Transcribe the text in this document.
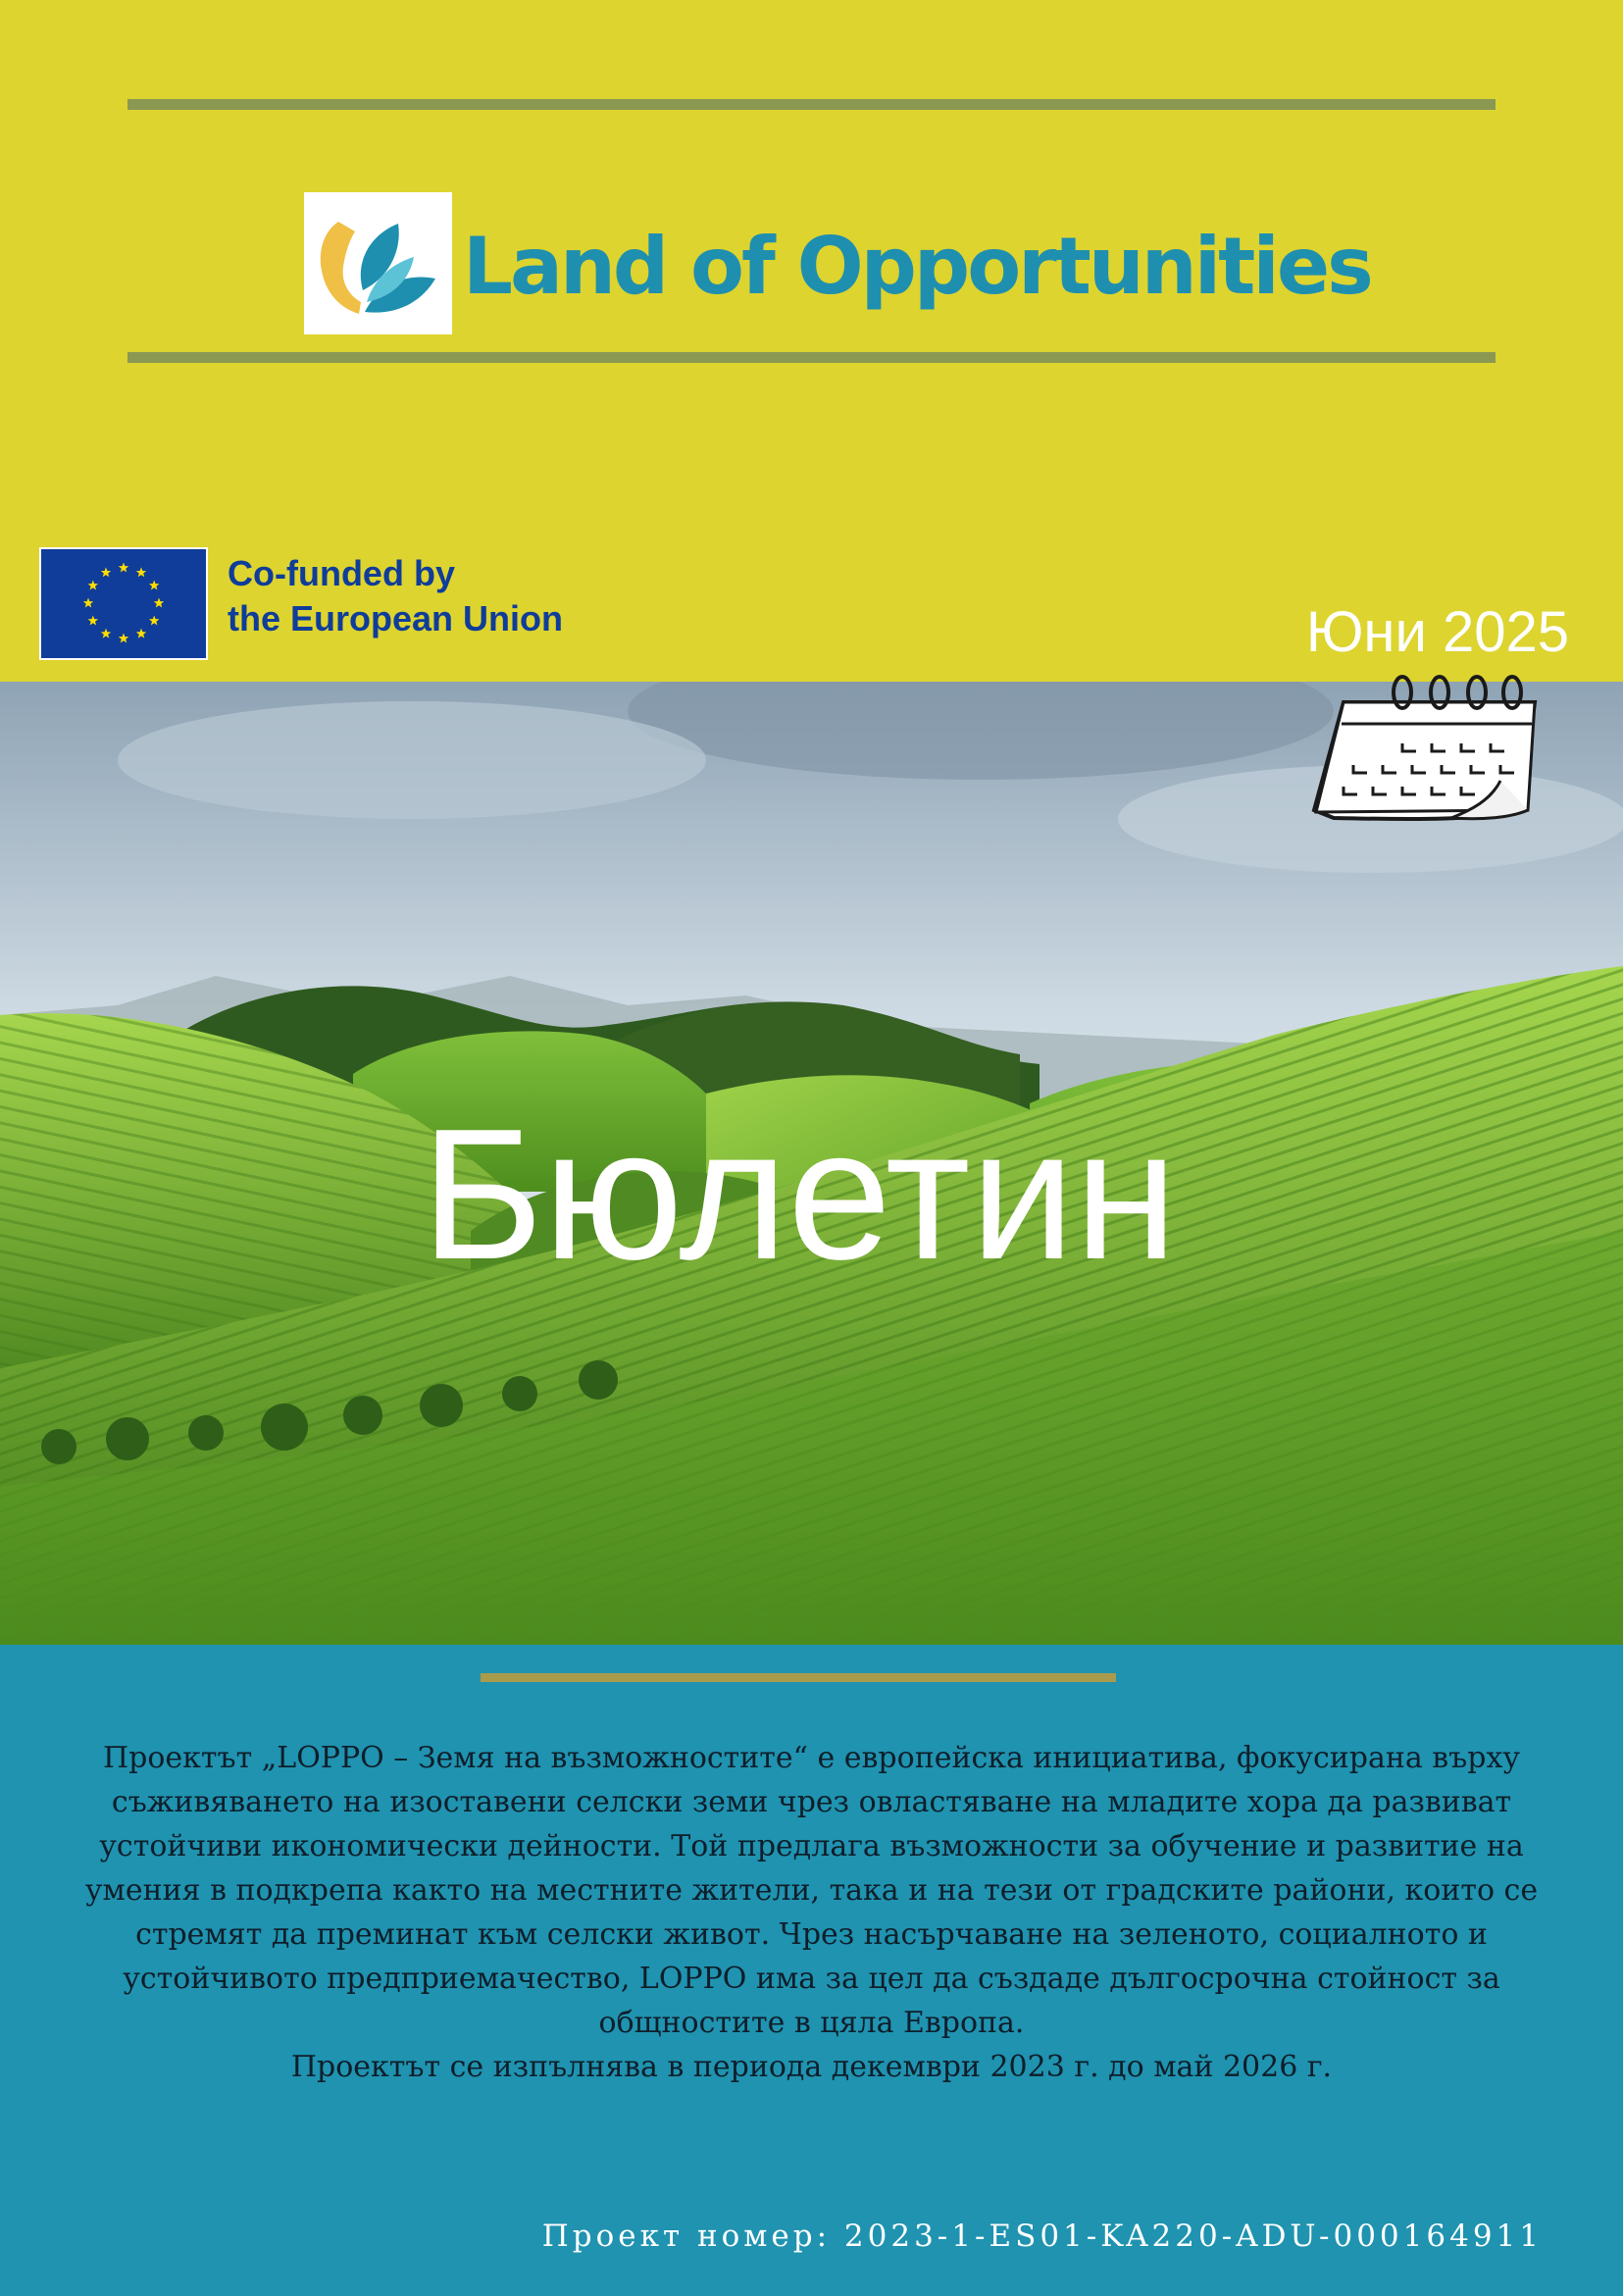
Land of Opportunities
Co-funded by
the European Union	Юни 2025
Бюлетин

Проектът „LOPPO – Земя на възможностите“ е европейска инициатива, фокусирана върху съживяването на изоставени селски земи чрез овластяване на младите хора да развиват устойчиви икономически дейности. Той предлага възможности за обучение и развитие на умения в подкрепа както на местните жители, така и на тези от градските райони, които се стремят да преминат към селски живот. Чрез насърчаване на зеленото, социалното и устойчивото предприемачество, LOPPO има за цел да създаде дългосрочна стойност за общностите в цяла Европа.

Проектът се изпълнява в периода декември 2023 г. до май 2026 г.

Проект номер: 2023-1-ES01-KA220-ADU-000164911
